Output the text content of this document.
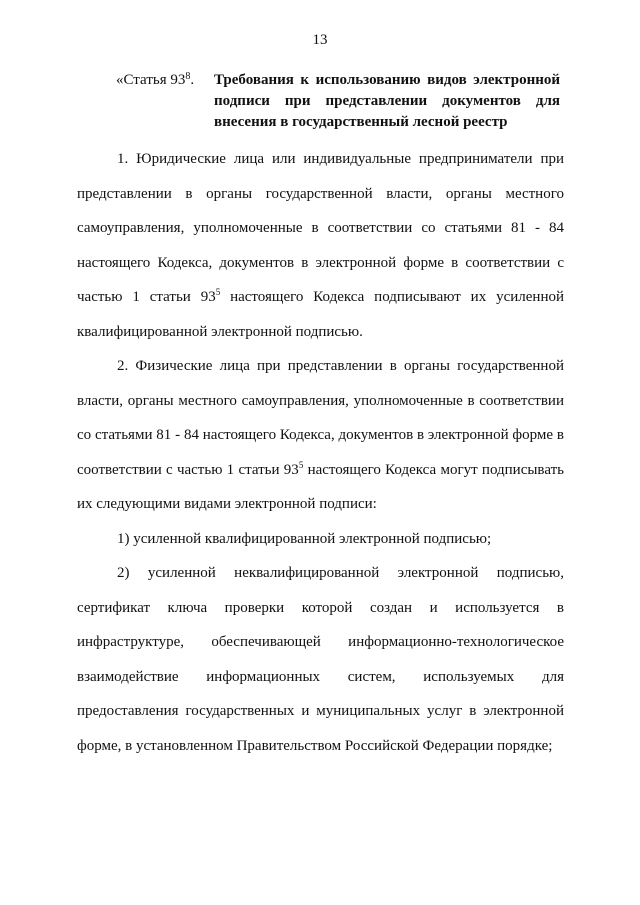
13
«Статья $93^8$.	Требования к использованию видов электронной подписи при представлении документов для внесения в государственный лесной реестр

1. Юридические лица или индивидуальные предприниматели при представлении в органы государственной власти, органы местного самоуправления, уполномоченные в соответствии со статьями 81 - 84 настоящего Кодекса, документов в электронной форме в соответствии с частью 1 статьи $93^5$ настоящего Кодекса подписывают их усиленной квалифицированной электронной подписью.

2. Физические лица при представлении в органы государственной власти, органы местного самоуправления, уполномоченные в соответствии со статьями 81 - 84 настоящего Кодекса, документов в электронной форме в соответствии с частью 1 статьи $93^5$ настоящего Кодекса могут подписывать их следующими видами электронной подписи:

1) усиленной квалифицированной электронной подписью;

2) усиленной неквалифицированной электронной подписью, сертификат ключа проверки которой создан и используется в инфраструктуре, обеспечивающей информационно-технологическое взаимодействие информационных систем, используемых для предоставления государственных и муниципальных услуг в электронной форме, в установленном Правительством Российской Федерации порядке;
